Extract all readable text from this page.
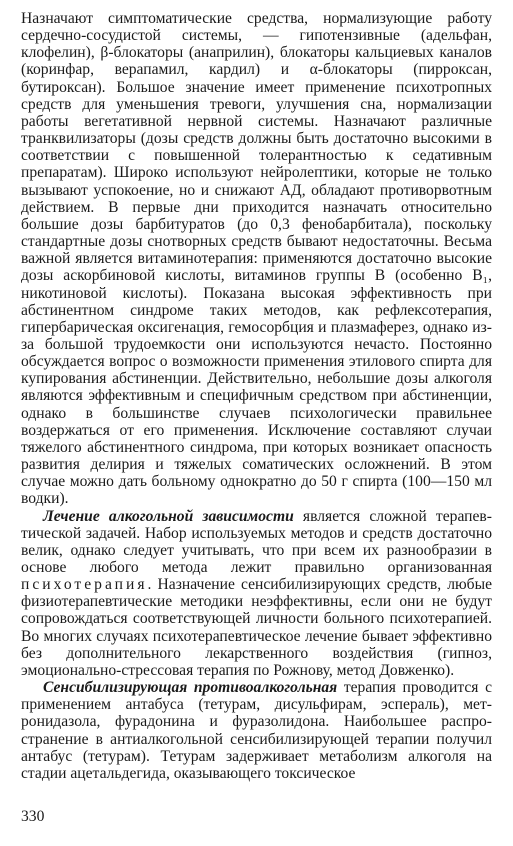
Назначают симптоматические средства, нормализующие работу сердечно-сосудистой системы, — гипотензивные (адельфан, клофелин), β-блокаторы (анаприлин), блокаторы кальциевых каналов (коринфар, верапамил, кардил) и α-блокаторы (пирроксан, бутироксан). Большое значение имеет применение психотропных средств для уменьшения тревоги, улучшения сна, нормализации работы вегетативной нервной системы. Назначают различные транквилизаторы (дозы средств должны быть достаточно высокими в соответствии с повышенной толерантностью к седативным препаратам). Широко используют нейролептики, которые не только вызывают успокоение, но и снижают АД, обладают противорвотным действием. В первые дни приходится назначать относительно большие дозы барбитуратов (до 0,3 фенобарбитала), поскольку стандартные дозы снотворных средств бывают недостаточны. Весьма важной является витаминотерапия: применяются достаточно высокие дозы аскорбиновой кислоты, витаминов группы B (особенно B₁, никотиновой кислоты). Показана высокая эффективность при абстинентном синдроме таких методов, как рефлексотерапия, гипербарическая оксигенация, гемосорбция и плазмаферез, однако из-за большой трудоемкости они используются нечасто. Постоянно обсуждается вопрос о возможности применения этилового спирта для купирования абстиненции. Действительно, небольшие дозы алкоголя являются эффективным и специфичным средством при абстиненции, однако в большинстве случаев психологически правильнее воздержаться от его применения. Исключение составляют случаи тяжелого абстинентного синдрома, при которых возникает опасность развития делирия и тяжелых соматических осложнений. В этом случае можно дать больному однократно до 50 г спирта (100—150 мл водки).

Лечение алкогольной зависимости является сложной терапевтической задачей. Набор используемых методов и средств достаточно велик, однако следует учитывать, что при всем их разнообразии в основе любого метода лежит правильно организованная психотерапия. Назначение сенсибилизирующих средств, любые физиотерапевтические методики неэффективны, если они не будут сопровождаться соответствующей личности больного психотерапией. Во многих случаях психотерапевтическое лечение бывает эффективно без дополнительного лекарственного воздействия (гипноз, эмоционально-стрессовая терапия по Рожнову, метод Довженко).

Сенсибилизирующая противоалкогольная терапия проводится с применением антабуса (тетурам, дисульфирам, эспераль), метронидазола, фурадонина и фуразолидона. Наибольшее распространение в антиалкогольной сенсибилизирующей терапии получил антабус (тетурам). Тетурам задерживает метаболизм алкоголя на стадии ацетальдегида, оказывающего токсическое

330
